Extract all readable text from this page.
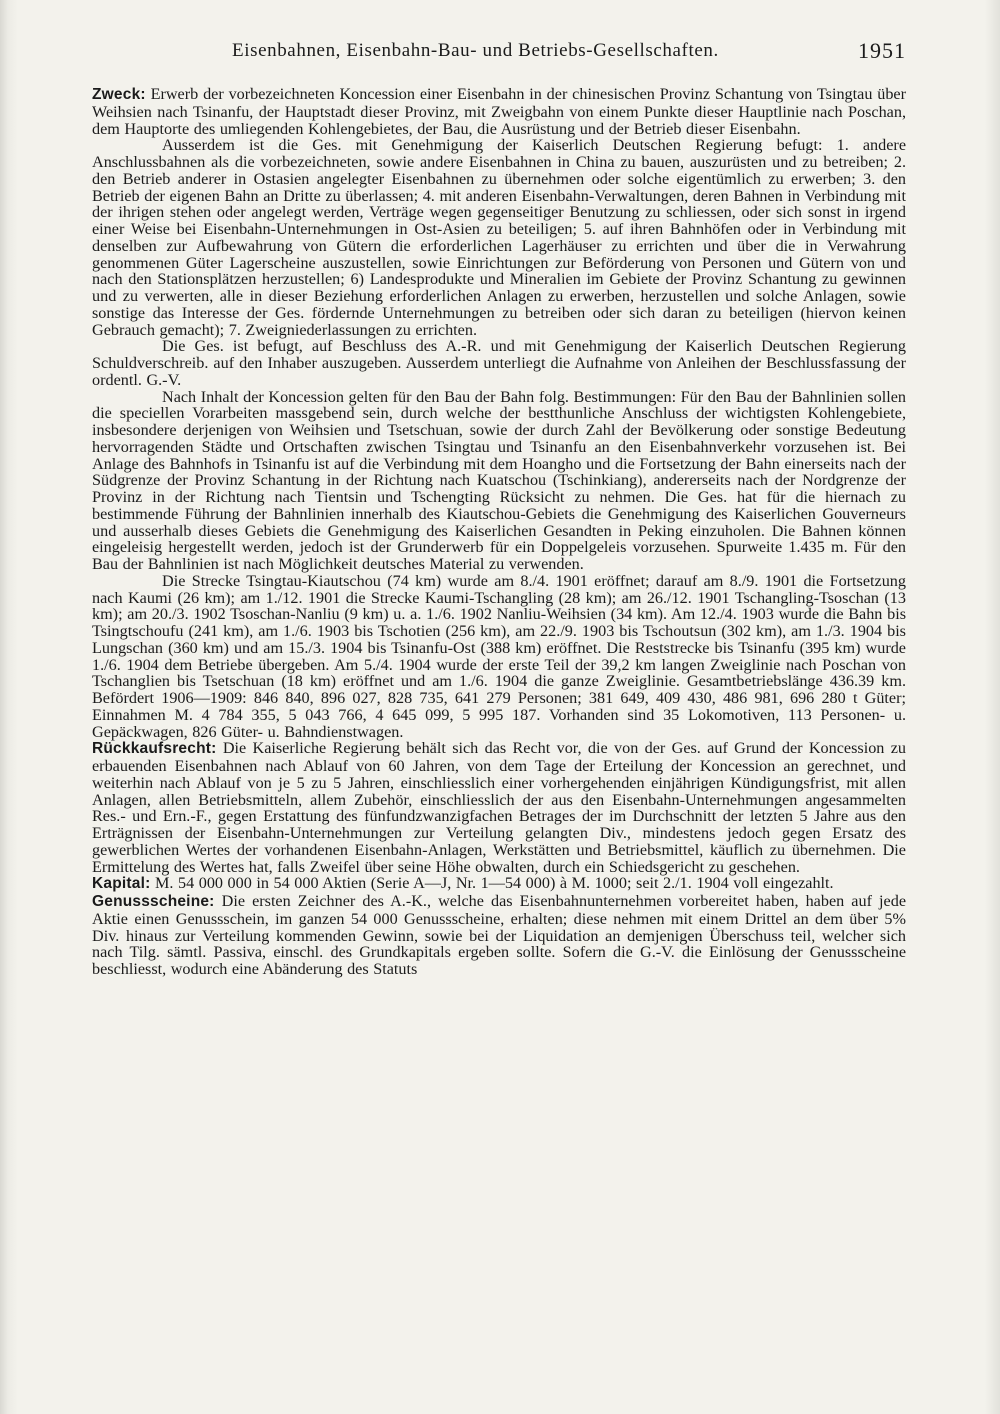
Eisenbahnen, Eisenbahn-Bau- und Betriebs-Gesellschaften.	1951

Zweck: Erwerb der vorbezeichneten Koncession einer Eisenbahn in der chinesischen Provinz Schantung von Tsingtau über Weihsien nach Tsinanfu, der Hauptstadt dieser Provinz, mit Zweigbahn von einem Punkte dieser Hauptlinie nach Poschan, dem Hauptorte des umliegenden Kohlengebietes, der Bau, die Ausrüstung und der Betrieb dieser Eisenbahn.

Ausserdem ist die Ges. mit Genehmigung der Kaiserlich Deutschen Regierung befugt: 1. andere Anschlussbahnen als die vorbezeichneten, sowie andere Eisenbahnen in China zu bauen, auszurüsten und zu betreiben; 2. den Betrieb anderer in Ostasien angelegter Eisenbahnen zu übernehmen oder solche eigentümlich zu erwerben; 3. den Betrieb der eigenen Bahn an Dritte zu überlassen; 4. mit anderen Eisenbahn-Verwaltungen, deren Bahnen in Verbindung mit der ihrigen stehen oder angelegt werden, Verträge wegen gegenseitiger Benutzung zu schliessen, oder sich sonst in irgend einer Weise bei Eisenbahn-Unternehmungen in Ost-Asien zu beteiligen; 5. auf ihren Bahnhöfen oder in Verbindung mit denselben zur Aufbewahrung von Gütern die erforderlichen Lagerhäuser zu errichten und über die in Verwahrung genommenen Güter Lagerscheine auszustellen, sowie Einrichtungen zur Beförderung von Personen und Gütern von und nach den Stationsplätzen herzustellen; 6) Landesprodukte und Mineralien im Gebiete der Provinz Schantung zu gewinnen und zu verwerten, alle in dieser Beziehung erforderlichen Anlagen zu erwerben, herzustellen und solche Anlagen, sowie sonstige das Interesse der Ges. fördernde Unternehmungen zu betreiben oder sich daran zu beteiligen (hiervon keinen Gebrauch gemacht); 7. Zweigniederlassungen zu errichten.

Die Ges. ist befugt, auf Beschluss des A.-R. und mit Genehmigung der Kaiserlich Deutschen Regierung Schuldverschreib. auf den Inhaber auszugeben. Ausserdem unterliegt die Aufnahme von Anleihen der Beschlussfassung der ordentl. G.-V.

Nach Inhalt der Koncession gelten für den Bau der Bahn folg. Bestimmungen: Für den Bau der Bahnlinien sollen die speciellen Vorarbeiten massgebend sein, durch welche der bestthunliche Anschluss der wichtigsten Kohlengebiete, insbesondere derjenigen von Weihsien und Tsetschuan, sowie der durch Zahl der Bevölkerung oder sonstige Bedeutung hervorragenden Städte und Ortschaften zwischen Tsingtau und Tsinanfu an den Eisenbahnverkehr vorzusehen ist. Bei Anlage des Bahnhofs in Tsinanfu ist auf die Verbindung mit dem Hoangho und die Fortsetzung der Bahn einerseits nach der Südgrenze der Provinz Schantung in der Richtung nach Kuatschou (Tschinkiang), andererseits nach der Nordgrenze der Provinz in der Richtung nach Tientsin und Tschengting Rücksicht zu nehmen. Die Ges. hat für die hiernach zu bestimmende Führung der Bahnlinien innerhalb des Kiautschou-Gebiets die Genehmigung des Kaiserlichen Gouverneurs und ausserhalb dieses Gebiets die Genehmigung des Kaiserlichen Gesandten in Peking einzuholen. Die Bahnen können eingeleisig hergestellt werden, jedoch ist der Grunderwerb für ein Doppelgeleis vorzusehen. Spurweite 1.435 m. Für den Bau der Bahnlinien ist nach Möglichkeit deutsches Material zu verwenden.

Die Strecke Tsingtau-Kiautschou (74 km) wurde am 8./4. 1901 eröffnet; darauf am 8./9. 1901 die Fortsetzung nach Kaumi (26 km); am 1./12. 1901 die Strecke Kaumi-Tschangling (28 km); am 26./12. 1901 Tschangling-Tsoschan (13 km); am 20./3. 1902 Tsoschan-Nanliu (9 km) u. a. 1./6. 1902 Nanliu-Weihsien (34 km). Am 12./4. 1903 wurde die Bahn bis Tsingtschoufu (241 km), am 1./6. 1903 bis Tschotien (256 km), am 22./9. 1903 bis Tschoutsun (302 km), am 1./3. 1904 bis Lungschan (360 km) und am 15./3. 1904 bis Tsinanfu-Ost (388 km) eröffnet. Die Reststrecke bis Tsinanfu (395 km) wurde 1./6. 1904 dem Betriebe übergeben. Am 5./4. 1904 wurde der erste Teil der 39,2 km langen Zweiglinie nach Poschan von Tschanglien bis Tsetschuan (18 km) eröffnet und am 1./6. 1904 die ganze Zweiglinie. Gesamtbetriebslänge 436.39 km. Befördert 1906—1909: 846 840, 896 027, 828 735, 641 279 Personen; 381 649, 409 430, 486 981, 696 280 t Güter; Einnahmen M. 4 784 355, 5 043 766, 4 645 099, 5 995 187. Vorhanden sind 35 Lokomotiven, 113 Personen- u. Gepäckwagen, 826 Güter- u. Bahndienstwagen.

Rückkaufsrecht: Die Kaiserliche Regierung behält sich das Recht vor, die von der Ges. auf Grund der Koncession zu erbauenden Eisenbahnen nach Ablauf von 60 Jahren, von dem Tage der Erteilung der Koncession an gerechnet, und weiterhin nach Ablauf von je 5 zu 5 Jahren, einschliesslich einer vorhergehenden einjährigen Kündigungsfrist, mit allen Anlagen, allen Betriebsmitteln, allem Zubehör, einschliesslich der aus den Eisenbahn-Unternehmungen angesammelten Res.- und Ern.-F., gegen Erstattung des fünfundzwanzigfachen Betrages der im Durchschnitt der letzten 5 Jahre aus den Erträgnissen der Eisenbahn-Unternehmungen zur Verteilung gelangten Div., mindestens jedoch gegen Ersatz des gewerblichen Wertes der vorhandenen Eisenbahn-Anlagen, Werkstätten und Betriebsmittel, käuflich zu übernehmen. Die Ermittelung des Wertes hat, falls Zweifel über seine Höhe obwalten, durch ein Schiedsgericht zu geschehen.

Kapital: M. 54 000 000 in 54 000 Aktien (Serie A—J, Nr. 1—54 000) à M. 1000; seit 2./1. 1904 voll eingezahlt.

Genussscheine: Die ersten Zeichner des A.-K., welche das Eisenbahnunternehmen vorbereitet haben, haben auf jede Aktie einen Genussschein, im ganzen 54 000 Genussscheine, erhalten; diese nehmen mit einem Drittel an dem über 5% Div. hinaus zur Verteilung kommenden Gewinn, sowie bei der Liquidation an demjenigen Überschuss teil, welcher sich nach Tilg. sämtl. Passiva, einschl. des Grundkapitals ergeben sollte. Sofern die G.-V. die Einlösung der Genussscheine beschliesst, wodurch eine Abänderung des Statuts
